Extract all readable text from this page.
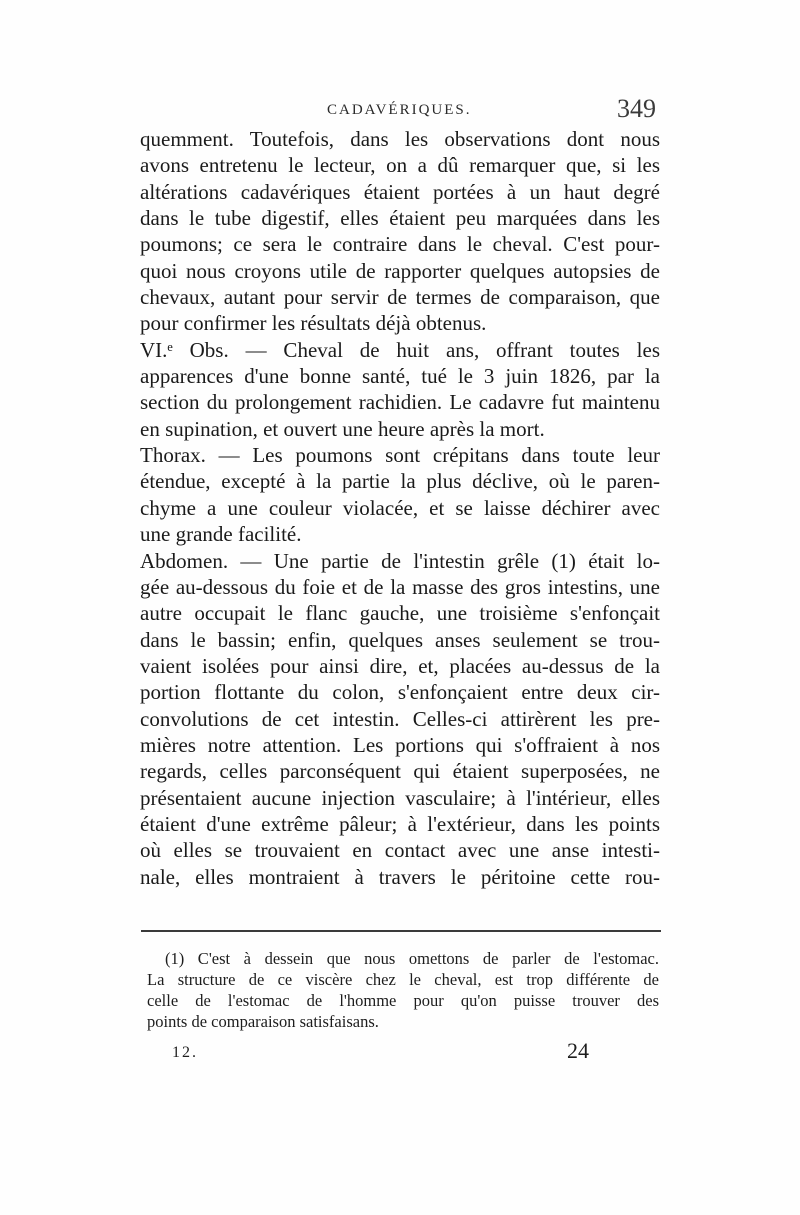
CADAVÉRIQUES.	349
quemment. Toutefois, dans les observations dont nous
avons entretenu le lecteur, on a dû remarquer que, si les
altérations cadavériques étaient portées à un haut degré
dans le tube digestif, elles étaient peu marquées dans les
poumons; ce sera le contraire dans le cheval. C'est pour-
quoi nous croyons utile de rapporter quelques autopsies de
chevaux, autant pour servir de termes de comparaison, que
pour confirmer les résultats déjà obtenus.
VI.ᵉ Obs. — Cheval de huit ans, offrant toutes les
apparences d'une bonne santé, tué le 3 juin 1826, par la
section du prolongement rachidien. Le cadavre fut maintenu
en supination, et ouvert une heure après la mort.
Thorax. — Les poumons sont crépitans dans toute leur
étendue, excepté à la partie la plus déclive, où le paren-
chyme a une couleur violacée, et se laisse déchirer avec
une grande facilité.
Abdomen. — Une partie de l'intestin grêle (1) était lo-
gée au-dessous du foie et de la masse des gros intestins, une
autre occupait le flanc gauche, une troisième s'enfonçait
dans le bassin; enfin, quelques anses seulement se trou-
vaient isolées pour ainsi dire, et, placées au-dessus de la
portion flottante du colon, s'enfonçaient entre deux cir-
convolutions de cet intestin. Celles-ci attirèrent les pre-
mières notre attention. Les portions qui s'offraient à nos
regards, celles parconséquent qui étaient superposées, ne
présentaient aucune injection vasculaire; à l'intérieur, elles
étaient d'une extrême pâleur; à l'extérieur, dans les points
où elles se trouvaient en contact avec une anse intesti-
nale, elles montraient à travers le péritoine cette rou-
(1) C'est à dessein que nous omettons de parler de l'estomac.
La structure de ce viscère chez le cheval, est trop différente de
celle de l'estomac de l'homme pour qu'on puisse trouver des
points de comparaison satisfaisans.
12.	24
